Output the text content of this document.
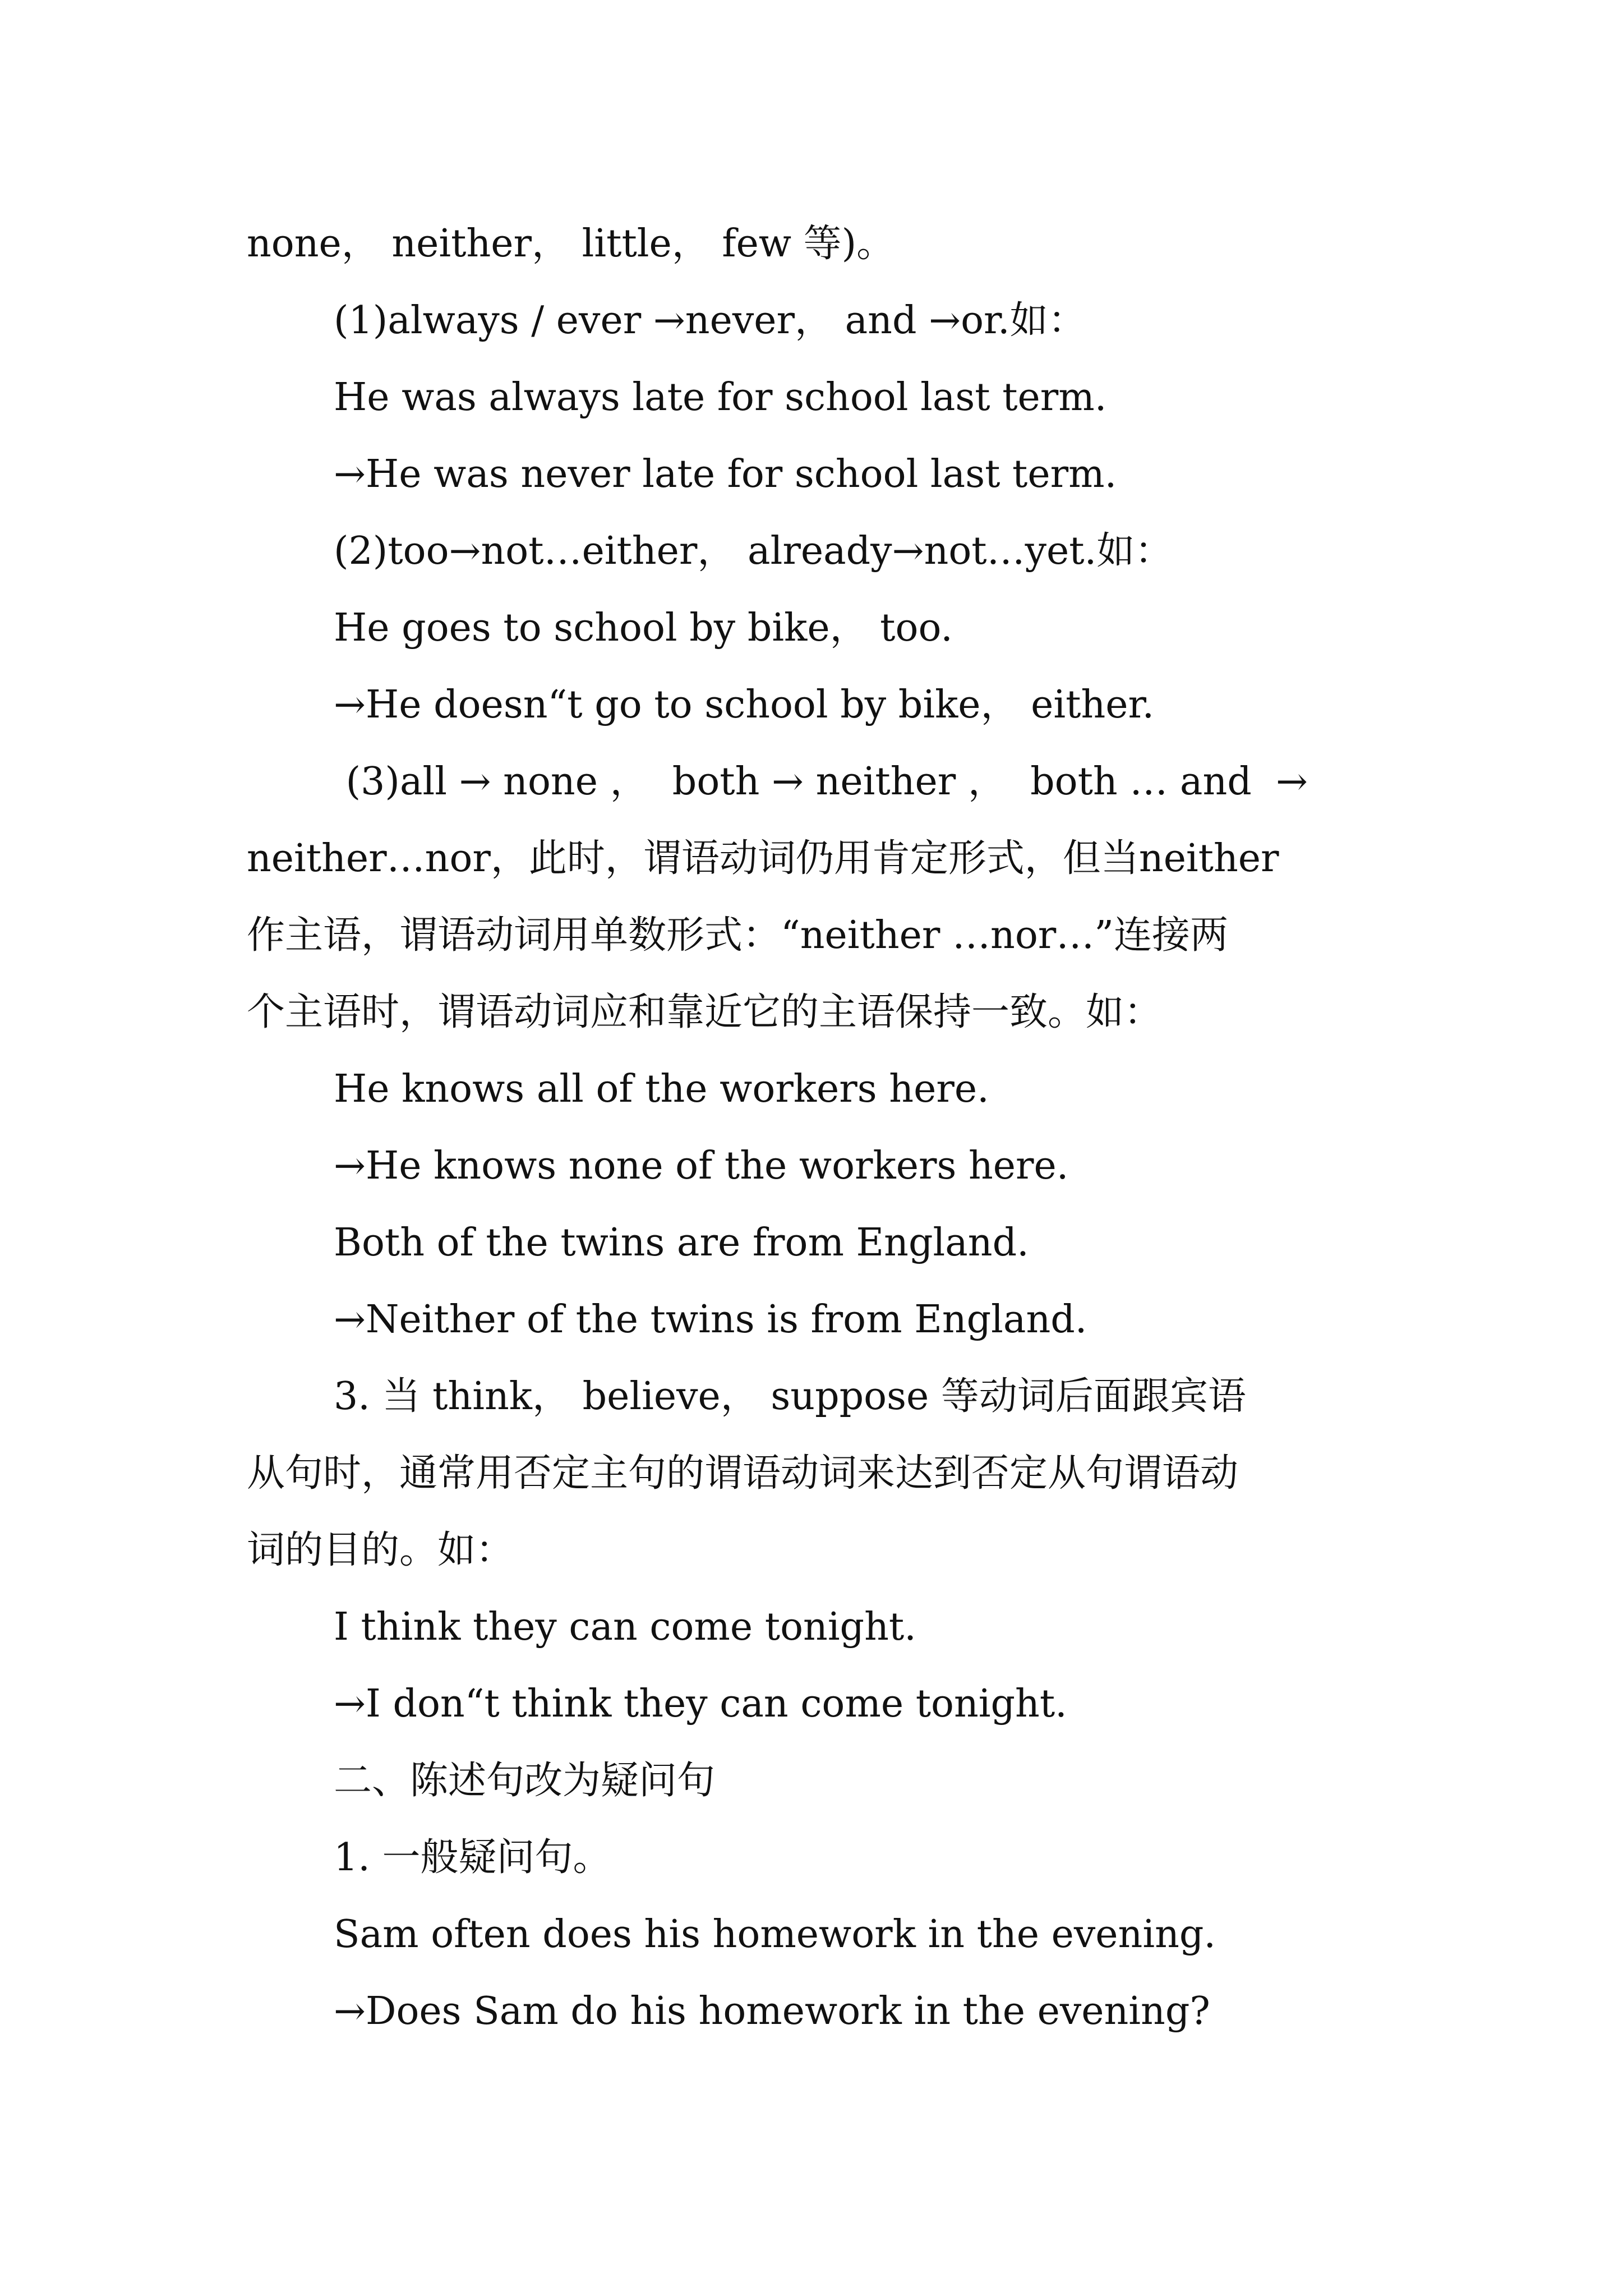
none， neither， little， few 等)。
(1)always / ever →never， and →or.如：
He was always late for school last term.
→He was never late for school last term.
(2)too→not…either， already→not…yet.如：
He goes to school by bike， too.
→He doesn“t go to school by bike， either.
(3)all → none ，  both → neither ，  both … and  →
neither…nor，此时，谓语动词仍用肯定形式，但当neither
作主语，谓语动词用单数形式：“neither …nor…”连接两
个主语时，谓语动词应和靠近它的主语保持一致。如：
He knows all of the workers here.
→He knows none of the workers here.
Both of the twins are from England.
→Neither of the twins is from England.
3. 当 think， believe， suppose 等动词后面跟宾语
从句时，通常用否定主句的谓语动词来达到否定从句谓语动
词的目的。如：
I think they can come tonight.
→I don“t think they can come tonight.
二、陈述句改为疑问句
1. 一般疑问句。
Sam often does his homework in the evening.
→Does Sam do his homework in the evening?
